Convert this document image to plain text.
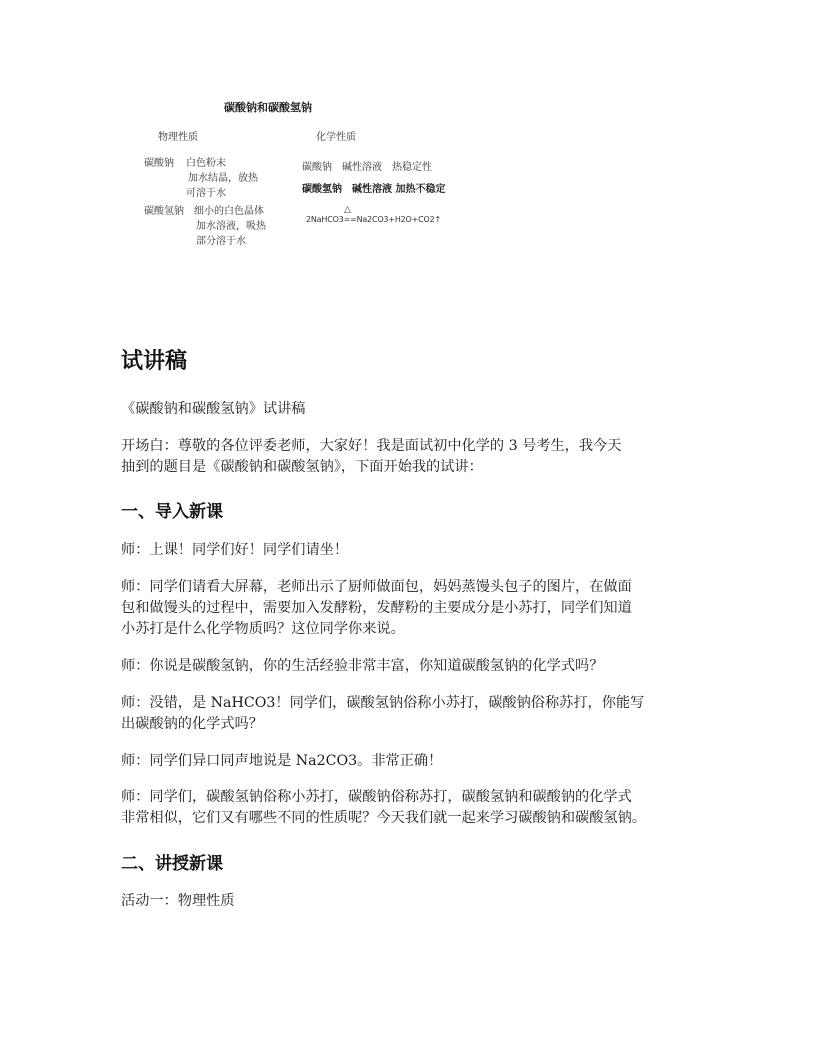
碳酸钠和碳酸氢钠
物理性质	化学性质
碳酸钠 白色粉末
加水结晶，放热
可溶于水
碳酸氢钠 细小的白色晶体
加水溶液，吸热
部分溶于水
碳酸钠　碱性溶液　热稳定性
碳酸氢钠　碱性溶液 加热不稳定
△
2NaHCO3==Na2CO3+H2O+CO2↑
试讲稿
《碳酸钠和碳酸氢钠》试讲稿
开场白：尊敬的各位评委老师，大家好！我是面试初中化学的 3 号考生，我今天
抽到的题目是《碳酸钠和碳酸氢钠》，下面开始我的试讲：
一、导入新课
师：上课！同学们好！同学们请坐！
师：同学们请看大屏幕，老师出示了厨师做面包，妈妈蒸馒头包子的图片，在做面
包和做馒头的过程中，需要加入发酵粉，发酵粉的主要成分是小苏打，同学们知道
小苏打是什么化学物质吗？这位同学你来说。
师：你说是碳酸氢钠，你的生活经验非常丰富，你知道碳酸氢钠的化学式吗？
师：没错，是 NaHCO3！同学们，碳酸氢钠俗称小苏打，碳酸钠俗称苏打，你能写
出碳酸钠的化学式吗？
师：同学们异口同声地说是 Na2CO3。非常正确！
师：同学们，碳酸氢钠俗称小苏打，碳酸钠俗称苏打，碳酸氢钠和碳酸钠的化学式
非常相似，它们又有哪些不同的性质呢？今天我们就一起来学习碳酸钠和碳酸氢钠。
二、讲授新课
活动一：物理性质
